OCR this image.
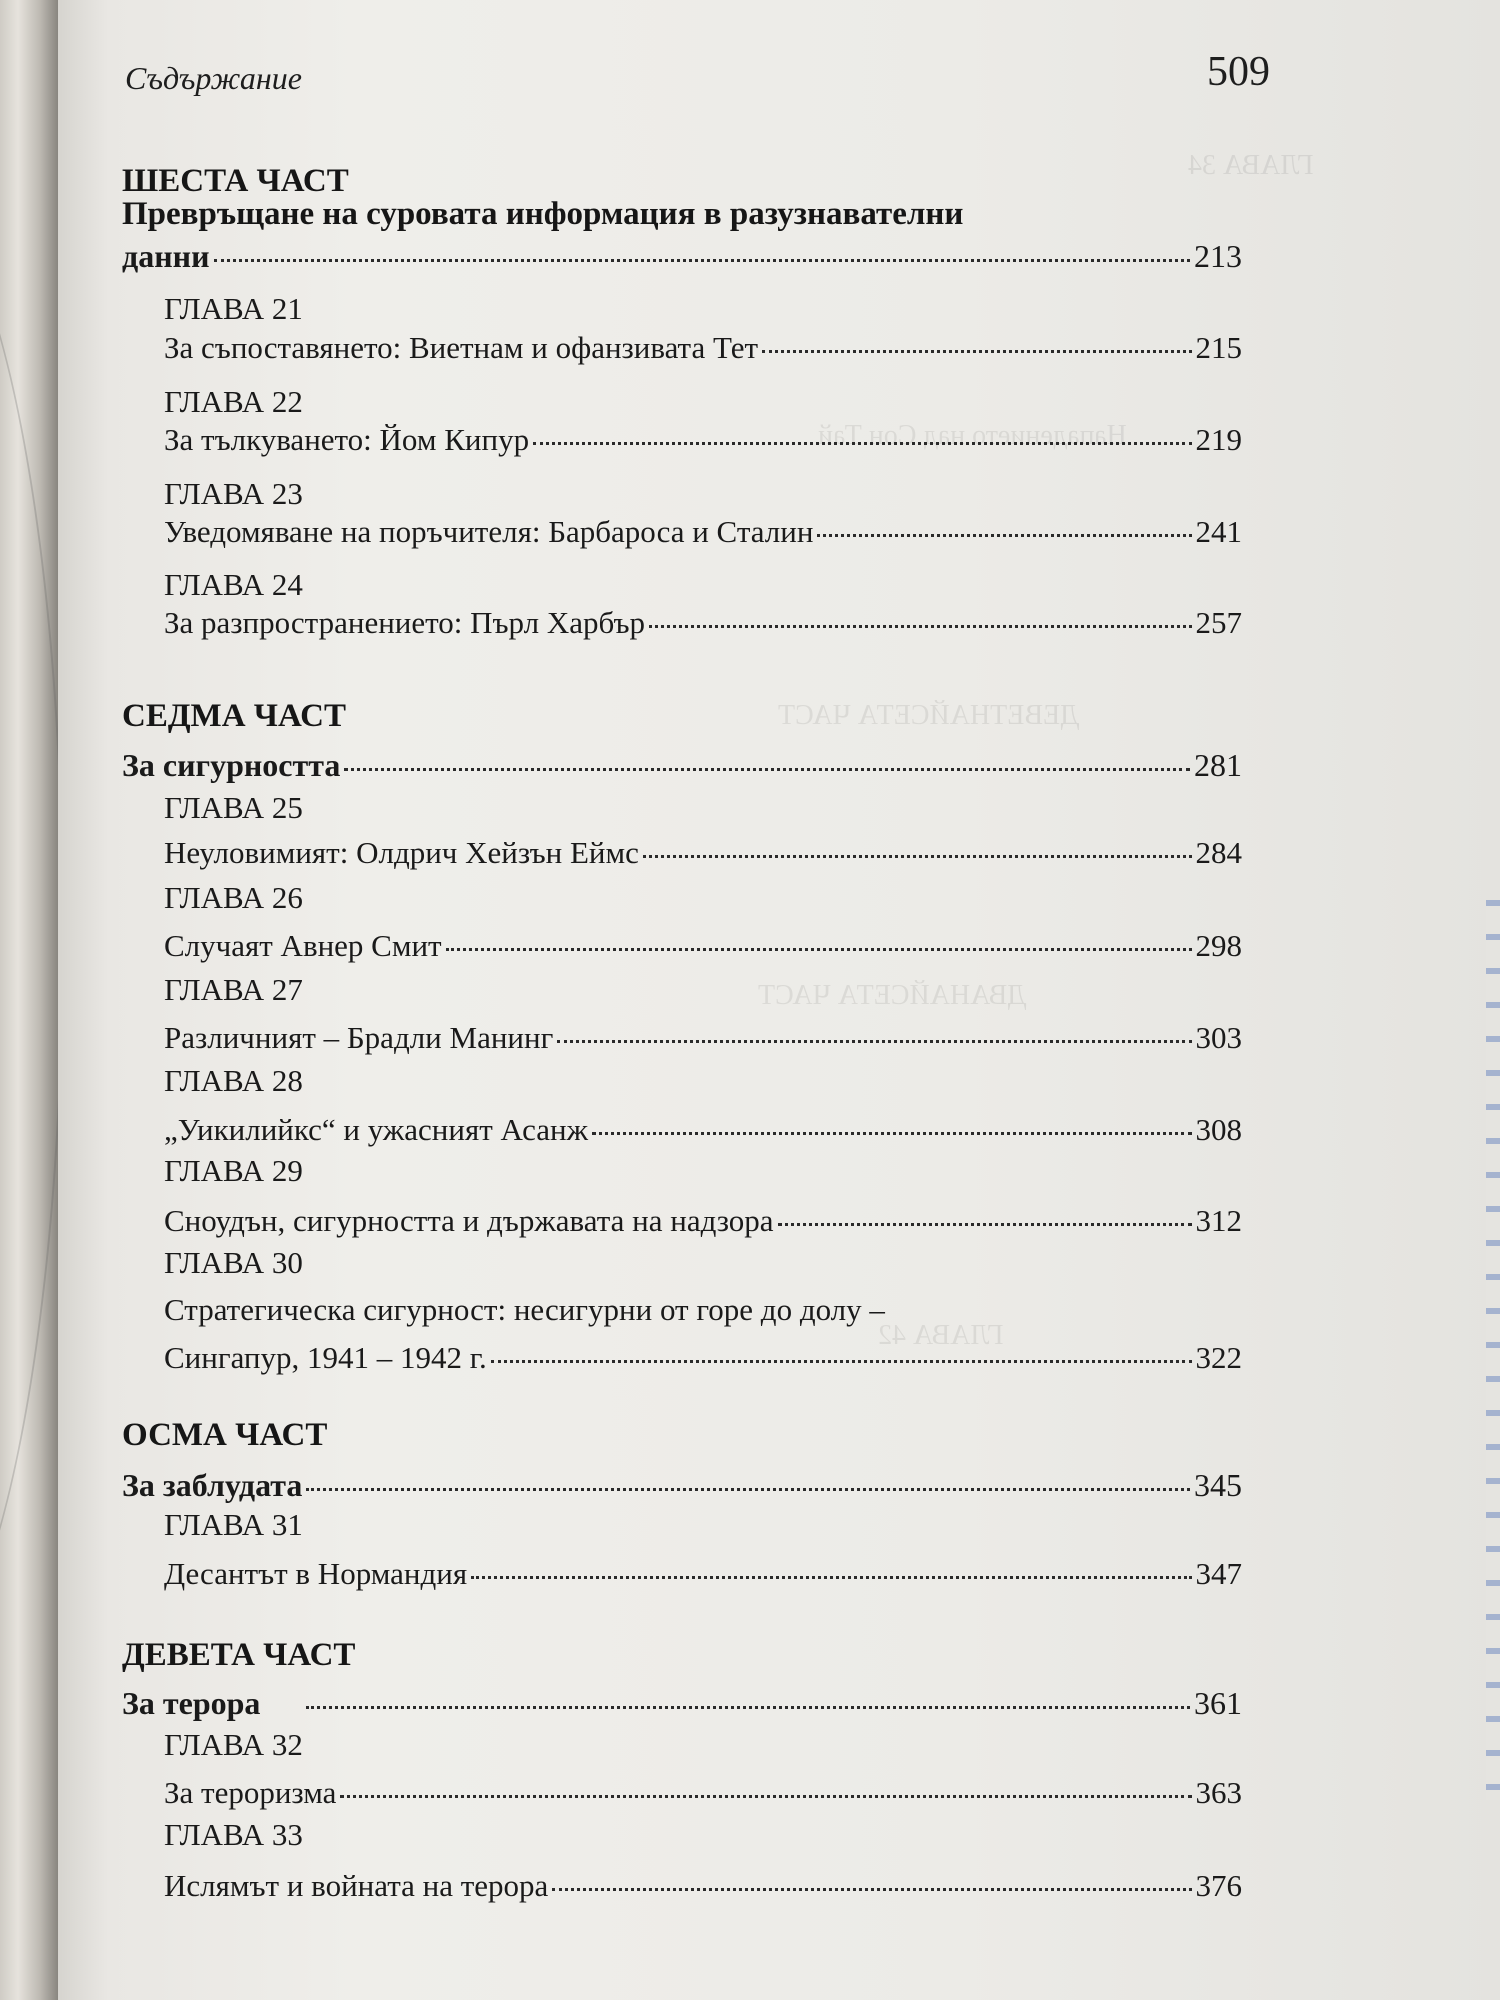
ГЛАВА 34
Нападението над Сон Тай
ДЕВЕТНАЙСЕТА ЧАСТ
ДВАНАЙСЕТА ЧАСТ
ГЛАВА 42
Съдържание	509
ШЕСТА ЧАСТ
Превръщане на суровата информация в разузнавателни
данни	213
ГЛАВА 21
За съпоставянето: Виетнам и офанзивата Тет	215
ГЛАВА 22
За тълкуването: Йом Кипур	219
ГЛАВА 23
Уведомяване на поръчителя: Барбароса и Сталин	241
ГЛАВА 24
За разпространението: Пърл Харбър	257
СЕДМА ЧАСТ
За сигурността	281
ГЛАВА 25
Неуловимият: Олдрич Хейзън Еймс	284
ГЛАВА 26
Случаят Авнер Смит	298
ГЛАВА 27
Различният – Брадли Манинг	303
ГЛАВА 28
„Уикилийкс“ и ужасният Асанж	308
ГЛАВА 29
Сноудън, сигурността и държавата на надзора	312
ГЛАВА 30
Стратегическа сигурност: несигурни от горе до долу –
Сингапур, 1941 – 1942 г.	322
ОСМА ЧАСТ
За заблудата	345
ГЛАВА 31
Десантът в Нормандия	347
ДЕВЕТА ЧАСТ
За терора	361
ГЛАВА 32
За тероризма	363
ГЛАВА 33
Ислямът и войната на терора	376
